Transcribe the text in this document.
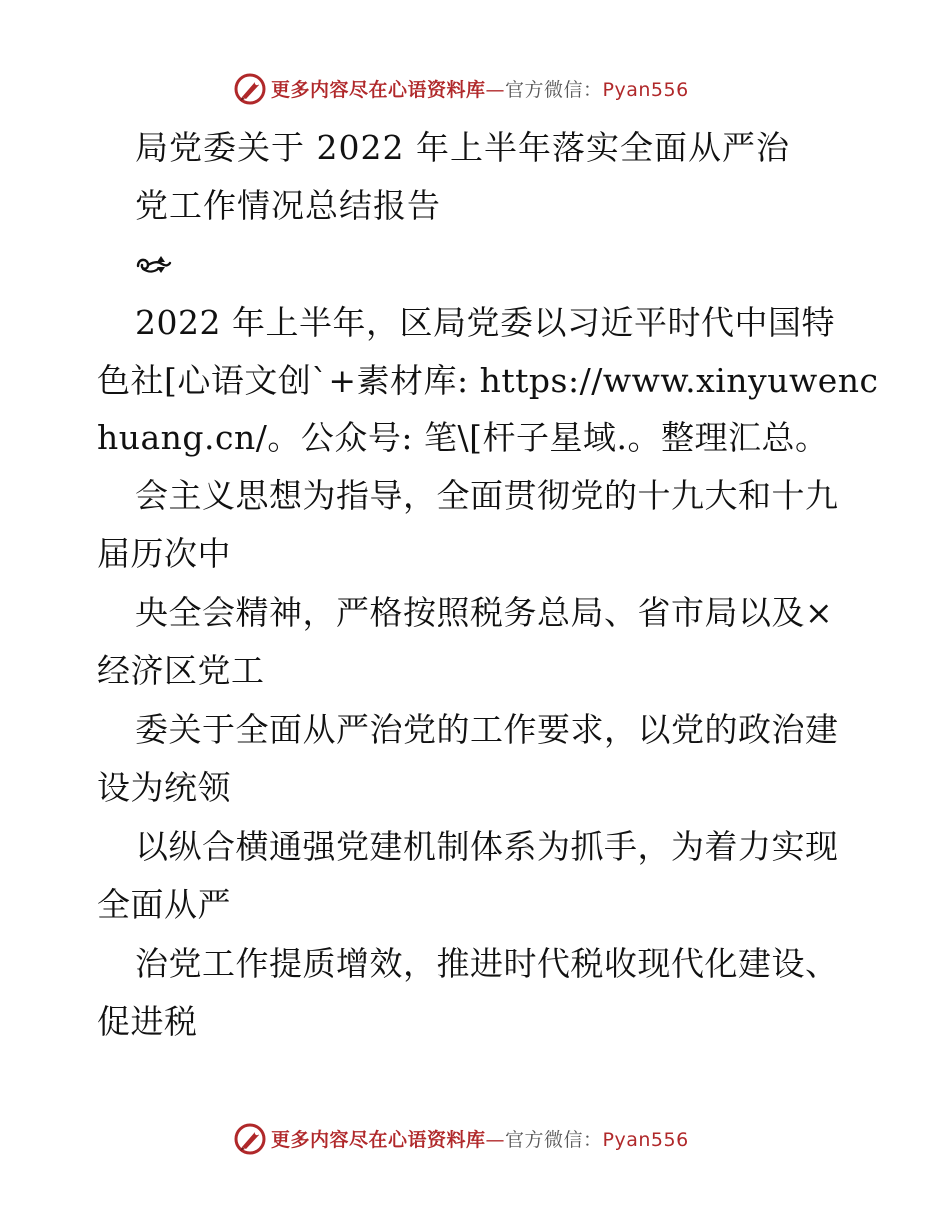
更多内容尽在心语资料库—官方微信：Pyan556
局党委关于 2022 年上半年落实全面从严治
党工作情况总结报告
2022 年上半年，区局党委以习近平时代中国特
色社[心语文创`+素材库: https://www.xinyuwenc
huang.cn/。公众号: 笔\[杆子星域.。整理汇总。
会主义思想为指导，全面贯彻党的十九大和十九
届历次中
央全会精神，严格按照税务总局、省市局以及×
经济区党工
委关于全面从严治党的工作要求，以党的政治建
设为统领
以纵合横通强党建机制体系为抓手，为着力实现
全面从严
治党工作提质增效，推进时代税收现代化建设、
促进税
更多内容尽在心语资料库—官方微信：Pyan556
